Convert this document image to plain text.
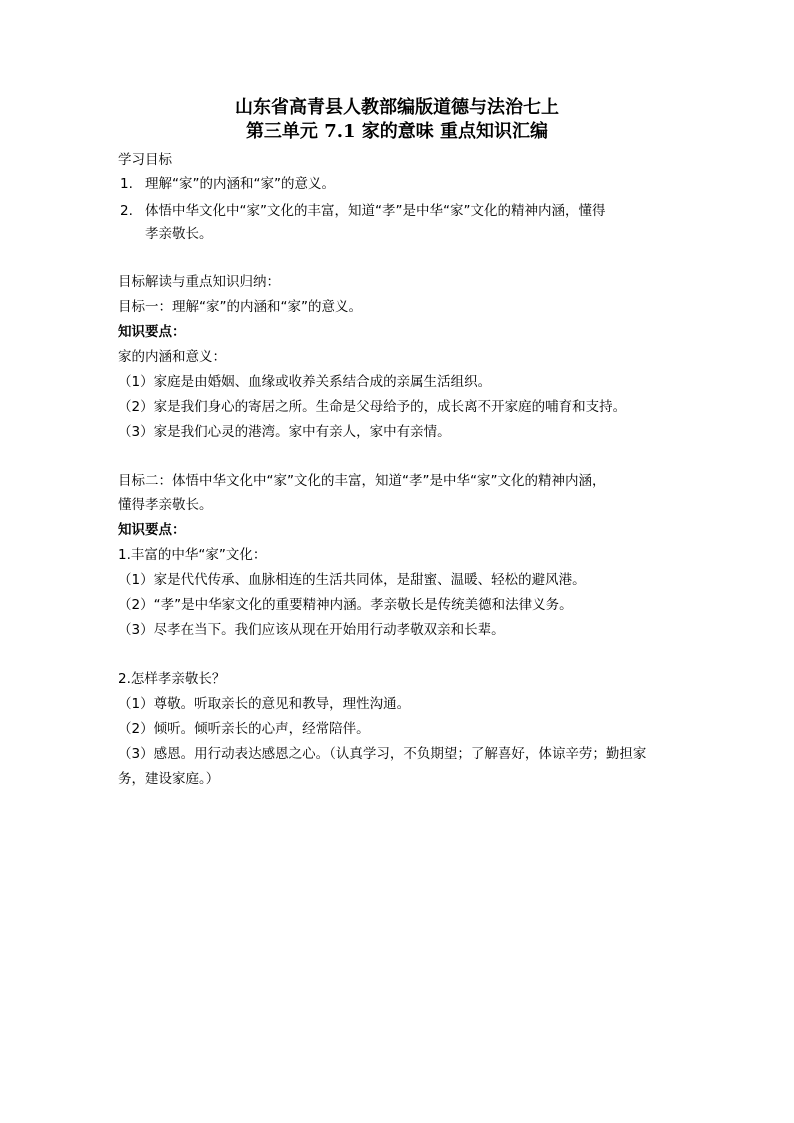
山东省高青县人教部编版道德与法治七上
第三单元 7.1 家的意味 重点知识汇编
学习目标
1. 理解“家”的内涵和“家”的意义。
2. 体悟中华文化中“家”文化的丰富，知道“孝”是中华“家”文化的精神内涵，懂得
孝亲敬长。
目标解读与重点知识归纳：
目标一：理解“家”的内涵和“家”的意义。
知识要点：
家的内涵和意义：
（1）家庭是由婚姻、血缘或收养关系结合成的亲属生活组织。
（2）家是我们身心的寄居之所。生命是父母给予的，成长离不开家庭的哺育和支持。
（3）家是我们心灵的港湾。家中有亲人，家中有亲情。
目标二：体悟中华文化中“家”文化的丰富，知道“孝”是中华“家”文化的精神内涵，
懂得孝亲敬长。
知识要点：
1.丰富的中华“家”文化：
（1）家是代代传承、血脉相连的生活共同体，是甜蜜、温暖、轻松的避风港。
（2）“孝”是中华家文化的重要精神内涵。孝亲敬长是传统美德和法律义务。
（3）尽孝在当下。我们应该从现在开始用行动孝敬双亲和长辈。
2.怎样孝亲敬长？
（1）尊敬。听取亲长的意见和教导，理性沟通。
（2）倾听。倾听亲长的心声，经常陪伴。
（3）感恩。用行动表达感恩之心。（认真学习，不负期望；了解喜好，体谅辛劳；勤担家
务，建设家庭。）
